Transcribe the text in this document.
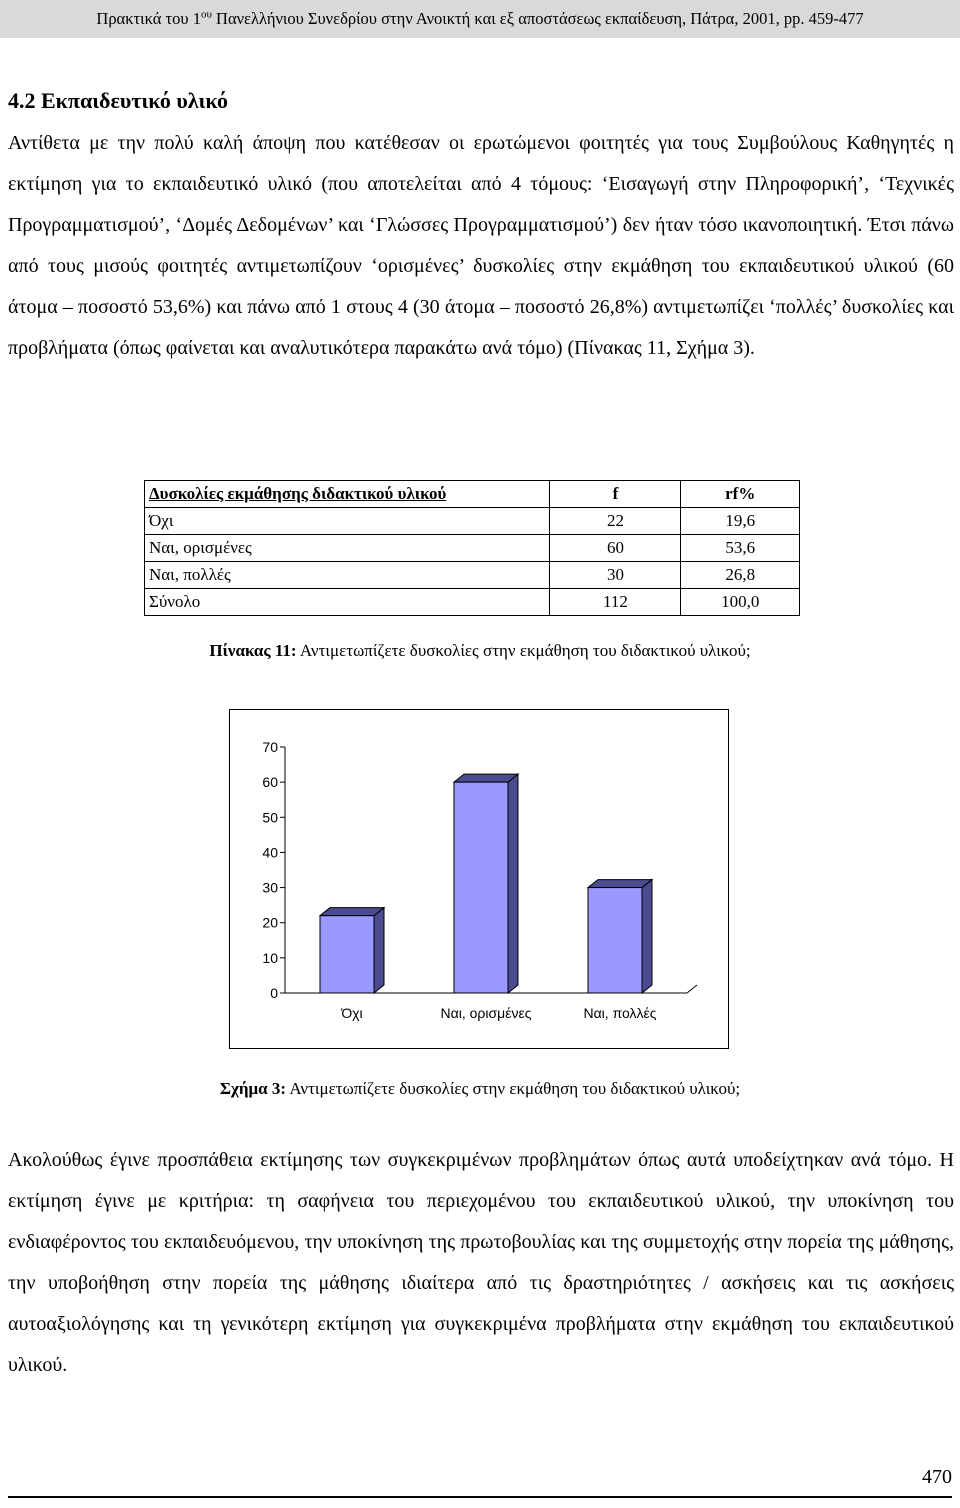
Πρακτικά του $1^{o\upsilon}$ Πανελλήνιου Συνεδρίου στην Ανοικτή και εξ αποστάσεως εκπαίδευση, Πάτρα, 2001, pp. 459-477
4.2 Εκπαιδευτικό υλικό
Αντίθετα με την πολύ καλή άποψη που κατέθεσαν οι ερωτώμενοι φοιτητές για τους Συμβούλους Καθηγητές η εκτίμηση για το εκπαιδευτικό υλικό (που αποτελείται από 4 τόμους: ‘Εισαγωγή στην Πληροφορική’, ‘Τεχνικές Προγραμματισμού’, ‘Δομές Δεδομένων’ και ‘Γλώσσες Προγραμματισμού’) δεν ήταν τόσο ικανοποιητική. Έτσι πάνω από τους μισούς φοιτητές αντιμετωπίζουν ‘ορισμένες’ δυσκολίες στην εκμάθηση του εκπαιδευτικού υλικού (60 άτομα – ποσοστό 53,6%) και πάνω από 1 στους 4 (30 άτομα – ποσοστό 26,8%) αντιμετωπίζει ‘πολλές’ δυσκολίες και προβλήματα (όπως φαίνεται και αναλυτικότερα παρακάτω ανά τόμο) (Πίνακας 11, Σχήμα 3).
Δυσκολίες εκμάθησης διδακτικού υλικού	f	rf%
Όχι	22	19,6
Ναι, ορισμένες	60	53,6
Ναι, πολλές	30	26,8
Σύνολο	112	100,0
Πίνακας 11: Αντιμετωπίζετε δυσκολίες στην εκμάθηση του διδακτικού υλικού;
0
10
20
30
40
50
60
70
Όχι	Ναι, ορισμένες	Ναι, πολλές
Σχήμα 3: Αντιμετωπίζετε δυσκολίες στην εκμάθηση του διδακτικού υλικού;
Ακολούθως έγινε προσπάθεια εκτίμησης των συγκεκριμένων προβλημάτων όπως αυτά υποδείχτηκαν ανά τόμο. Η εκτίμηση έγινε με κριτήρια: τη σαφήνεια του περιεχομένου του εκπαιδευτικού υλικού, την υποκίνηση του ενδιαφέροντος του εκπαιδευόμενου, την υποκίνηση της πρωτοβουλίας και της συμμετοχής στην πορεία της μάθησης, την υποβοήθηση στην πορεία της μάθησης ιδιαίτερα από τις δραστηριότητες / ασκήσεις και τις ασκήσεις αυτοαξιολόγησης και τη γενικότερη εκτίμηση για συγκεκριμένα προβλήματα στην εκμάθηση του εκπαιδευτικού υλικού.
470
